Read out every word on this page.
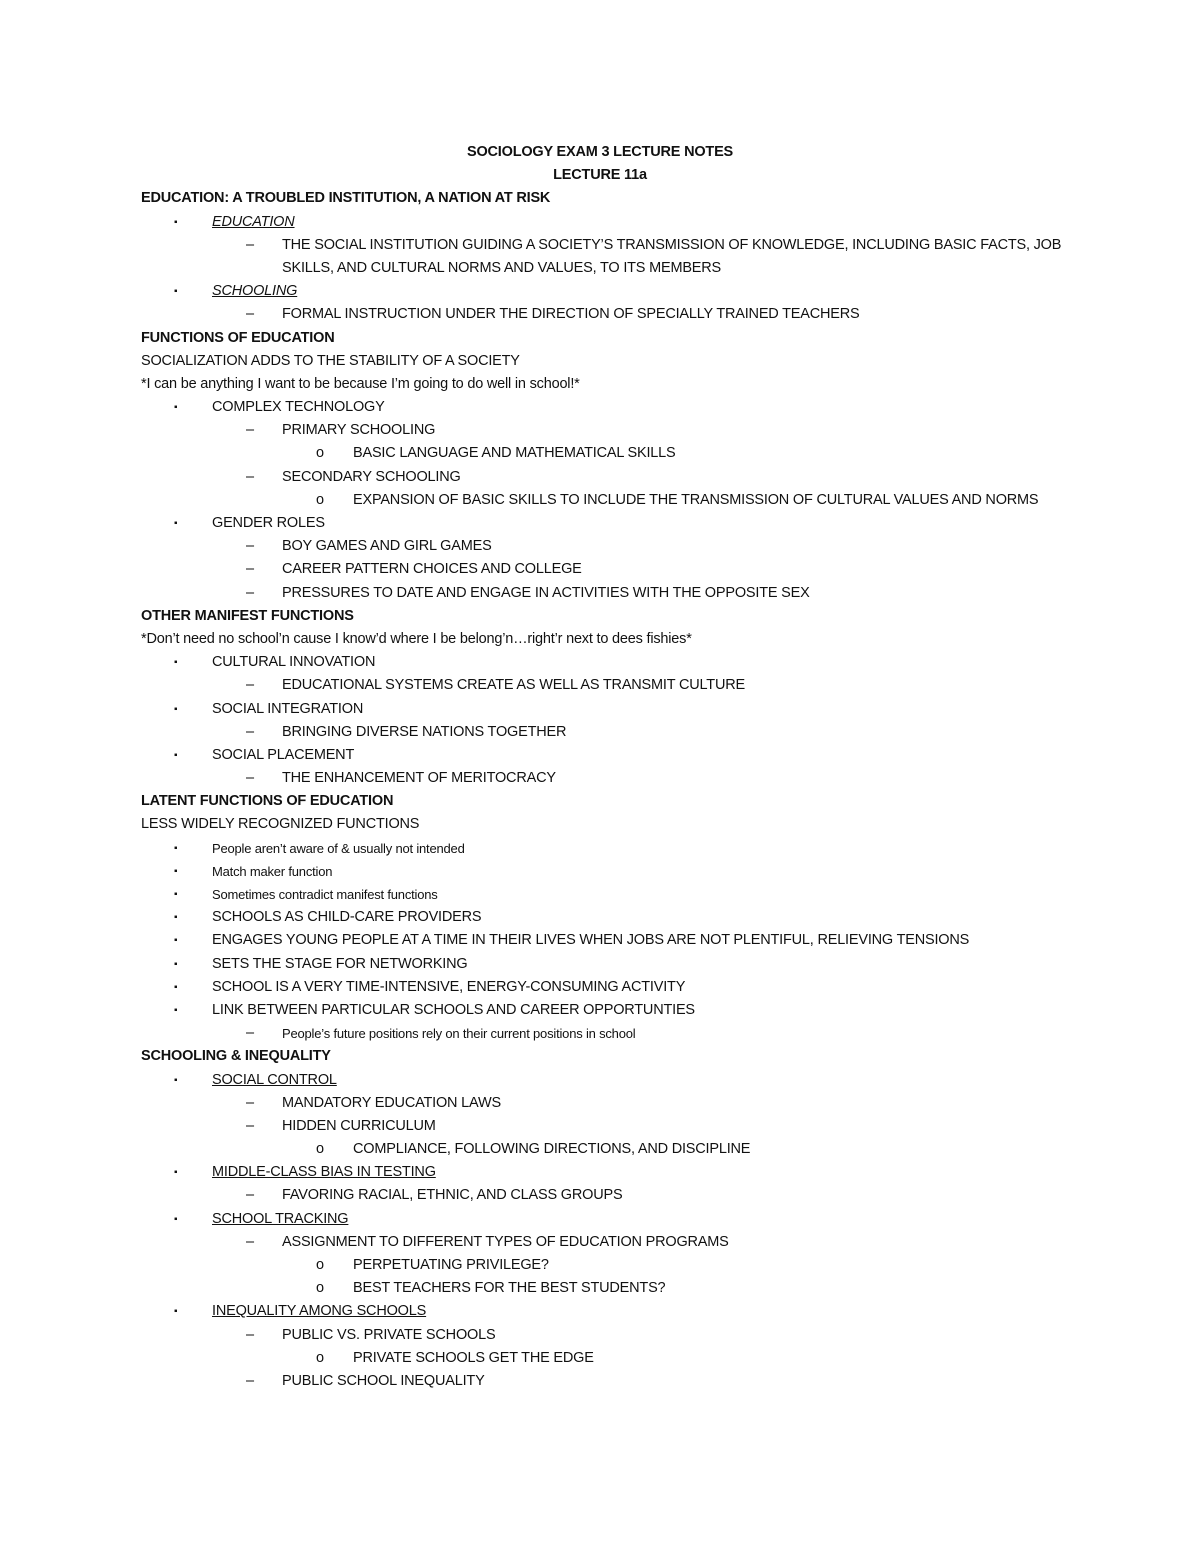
SOCIOLOGY EXAM 3 LECTURE NOTES
LECTURE 11a
EDUCATION: A TROUBLED INSTITUTION, A NATION AT RISK
▪	EDUCATION
–	THE SOCIAL INSTITUTION GUIDING A SOCIETY’S TRANSMISSION OF KNOWLEDGE, INCLUDING BASIC FACTS, JOB SKILLS, AND CULTURAL NORMS AND VALUES, TO ITS MEMBERS
▪	SCHOOLING
–	FORMAL INSTRUCTION UNDER THE DIRECTION OF SPECIALLY TRAINED TEACHERS
FUNCTIONS OF EDUCATION
SOCIALIZATION ADDS TO THE STABILITY OF A SOCIETY
*I can be anything I want to be because I’m going to do well in school!*
▪	COMPLEX TECHNOLOGY
–	PRIMARY SCHOOLING
o	BASIC LANGUAGE AND MATHEMATICAL SKILLS
–	SECONDARY SCHOOLING
o	EXPANSION OF BASIC SKILLS TO INCLUDE THE TRANSMISSION OF CULTURAL VALUES AND NORMS
▪	GENDER ROLES
–	BOY GAMES AND GIRL GAMES
–	CAREER PATTERN CHOICES AND COLLEGE
–	PRESSURES TO DATE AND ENGAGE IN ACTIVITIES WITH THE OPPOSITE SEX
OTHER MANIFEST FUNCTIONS
*Don’t need no school’n cause I know’d where I be belong’n…right’r next to dees fishies*
▪	CULTURAL INNOVATION
–	EDUCATIONAL SYSTEMS CREATE AS WELL AS TRANSMIT CULTURE
▪	SOCIAL INTEGRATION
–	BRINGING DIVERSE NATIONS TOGETHER
▪	SOCIAL PLACEMENT
–	THE ENHANCEMENT OF MERITOCRACY
LATENT FUNCTIONS OF EDUCATION
LESS WIDELY RECOGNIZED FUNCTIONS
▪	People aren’t aware of & usually not intended
▪	Match maker function
▪	Sometimes contradict manifest functions
▪	SCHOOLS AS CHILD-CARE PROVIDERS
▪	ENGAGES YOUNG PEOPLE AT A TIME IN THEIR LIVES WHEN JOBS ARE NOT PLENTIFUL, RELIEVING TENSIONS
▪	SETS THE STAGE FOR NETWORKING
▪	SCHOOL IS A VERY TIME-INTENSIVE, ENERGY-CONSUMING ACTIVITY
▪	LINK BETWEEN PARTICULAR SCHOOLS AND CAREER OPPORTUNTIES
–	People’s future positions rely on their current positions in school
SCHOOLING & INEQUALITY
▪	SOCIAL CONTROL
–	MANDATORY EDUCATION LAWS
–	HIDDEN CURRICULUM
o	COMPLIANCE, FOLLOWING DIRECTIONS, AND DISCIPLINE
▪	MIDDLE-CLASS BIAS IN TESTING
–	FAVORING RACIAL, ETHNIC, AND CLASS GROUPS
▪	SCHOOL TRACKING
–	ASSIGNMENT TO DIFFERENT TYPES OF EDUCATION PROGRAMS
o	PERPETUATING PRIVILEGE?
o	BEST TEACHERS FOR THE BEST STUDENTS?
▪	INEQUALITY AMONG SCHOOLS
–	PUBLIC VS. PRIVATE SCHOOLS
o	PRIVATE SCHOOLS GET THE EDGE
–	PUBLIC SCHOOL INEQUALITY
